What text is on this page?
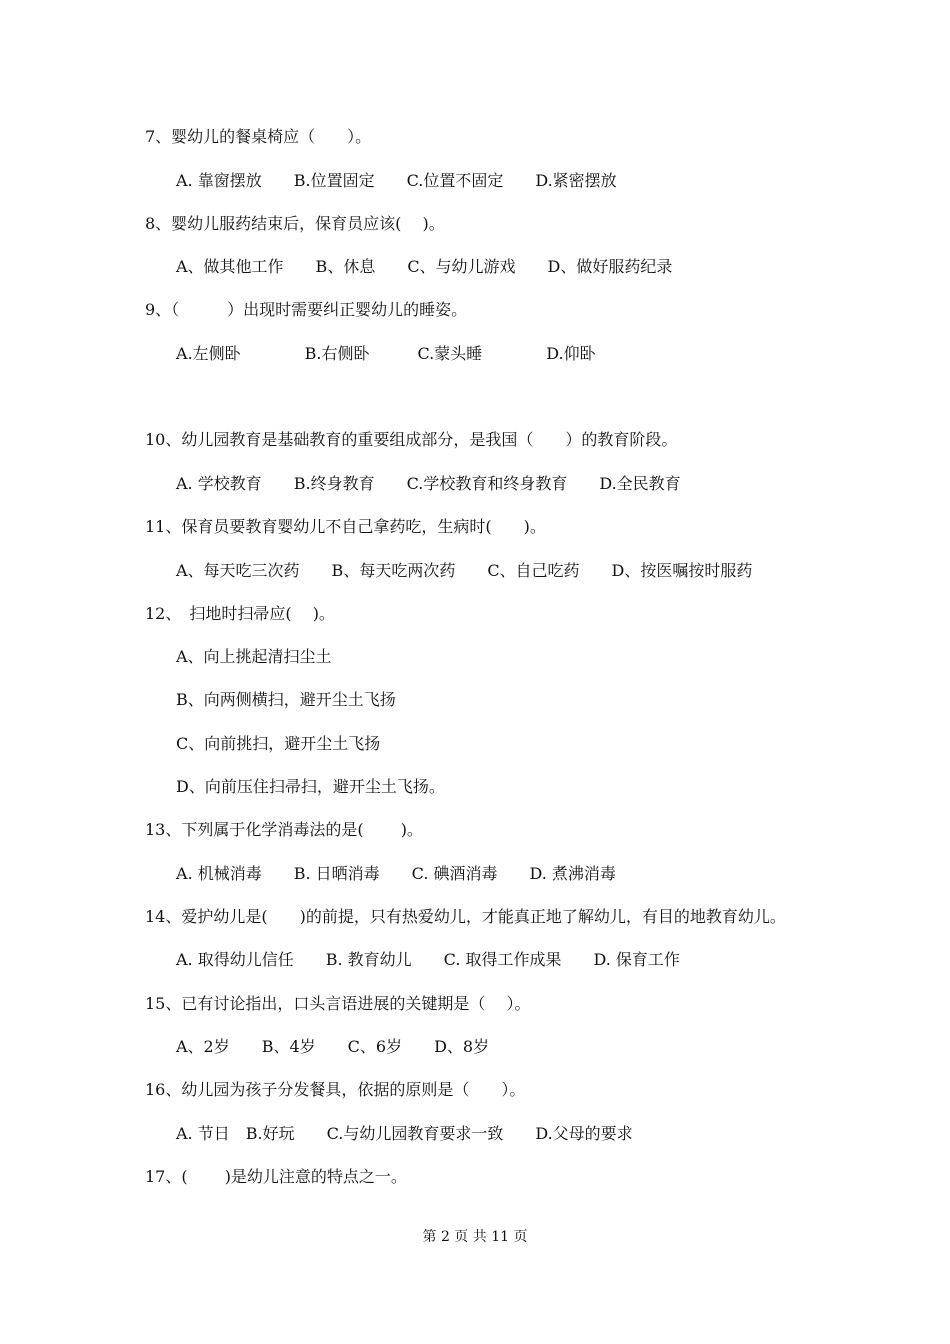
7、婴幼儿的餐桌椅应（　　）。
A. 靠窗摆放　　B.位置固定　　C.位置不固定　　D.紧密摆放
8、婴幼儿服药结束后，保育员应该(　 )。
A、做其他工作　　B、休息　　C、与幼儿游戏　　D、做好服药纪录
9、（　　　）出现时需要纠正婴幼儿的睡姿。
A.左侧卧　　　　B.右侧卧　　　C.蒙头睡　　　　D.仰卧
10、幼儿园教育是基础教育的重要组成部分，是我国（　　）的教育阶段。
A. 学校教育　　B.终身教育　　C.学校教育和终身教育　　D.全民教育
11、保育员要教育婴幼儿不自己拿药吃，生病时(　　)。
A、每天吃三次药　　B、每天吃两次药　　C、自己吃药　　D、按医嘱按时服药
12、　扫地时扫帚应(　 )。
A、向上挑起清扫尘土
B、向两侧横扫，避开尘土飞扬
C、向前挑扫，避开尘土飞扬
D、向前压住扫帚扫，避开尘土飞扬。
13、下列属于化学消毒法的是(　　 )。
A. 机械消毒　　B. 日晒消毒　　C. 碘酒消毒　　D. 煮沸消毒
14、爱护幼儿是(　　)的前提，只有热爱幼儿，才能真正地了解幼儿，有目的地教育幼儿。
A. 取得幼儿信任　　B. 教育幼儿　　C. 取得工作成果　　D. 保育工作
15、已有讨论指出，口头言语进展的关键期是（　 ）。
A、2岁　　B、4岁　　C、6岁　　D、8岁
16、幼儿园为孩子分发餐具，依据的原则是（　　）。
A. 节日　B.好玩　　C.与幼儿园教育要求一致　　D.父母的要求
17、(　　 )是幼儿注意的特点之一。
第 2 页 共 11 页
